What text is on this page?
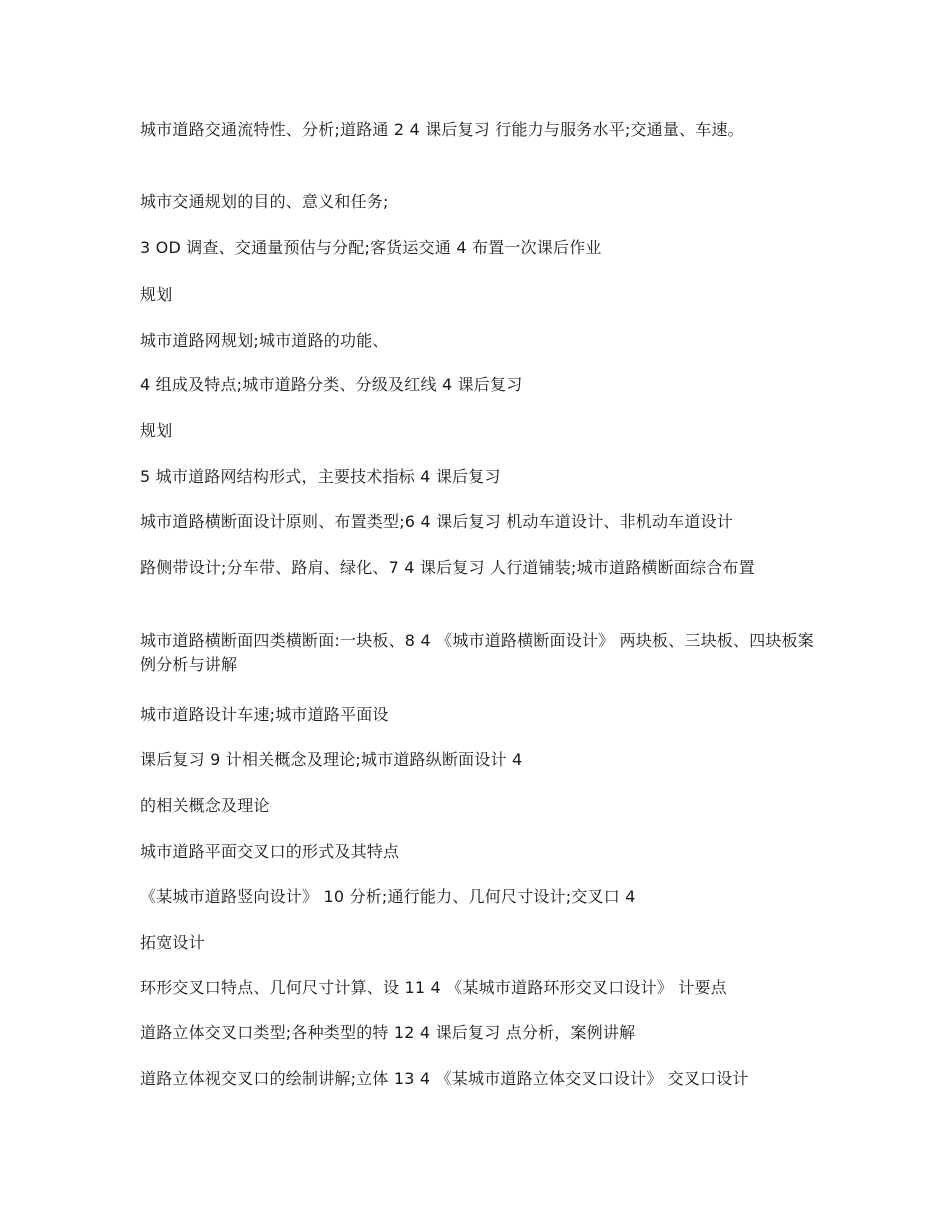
城市道路交通流特性、分析;道路通 2 4 课后复习 行能力与服务水平;交通量、车速。
城市交通规划的目的、意义和任务;
3 OD 调查、交通量预估与分配;客货运交通 4 布置一次课后作业
规划
城市道路网规划;城市道路的功能、
4 组成及特点;城市道路分类、分级及红线 4 课后复习
规划
5 城市道路网结构形式，主要技术指标 4 课后复习
城市道路横断面设计原则、布置类型;6 4 课后复习 机动车道设计、非机动车道设计
路侧带设计;分车带、路肩、绿化、7 4 课后复习 人行道铺装;城市道路横断面综合布置
城市道路横断面四类横断面:一块板、8 4 《城市道路横断面设计》 两块板、三块板、四块板案例分析与讲解
城市道路设计车速;城市道路平面设
课后复习 9 计相关概念及理论;城市道路纵断面设计 4
的相关概念及理论
城市道路平面交叉口的形式及其特点
《某城市道路竖向设计》 10 分析;通行能力、几何尺寸设计;交叉口 4
拓宽设计
环形交叉口特点、几何尺寸计算、设 11 4 《某城市道路环形交叉口设计》 计要点
道路立体交叉口类型;各种类型的特 12 4 课后复习 点分析，案例讲解
道路立体视交叉口的绘制讲解;立体 13 4 《某城市道路立体交叉口设计》 交叉口设计
